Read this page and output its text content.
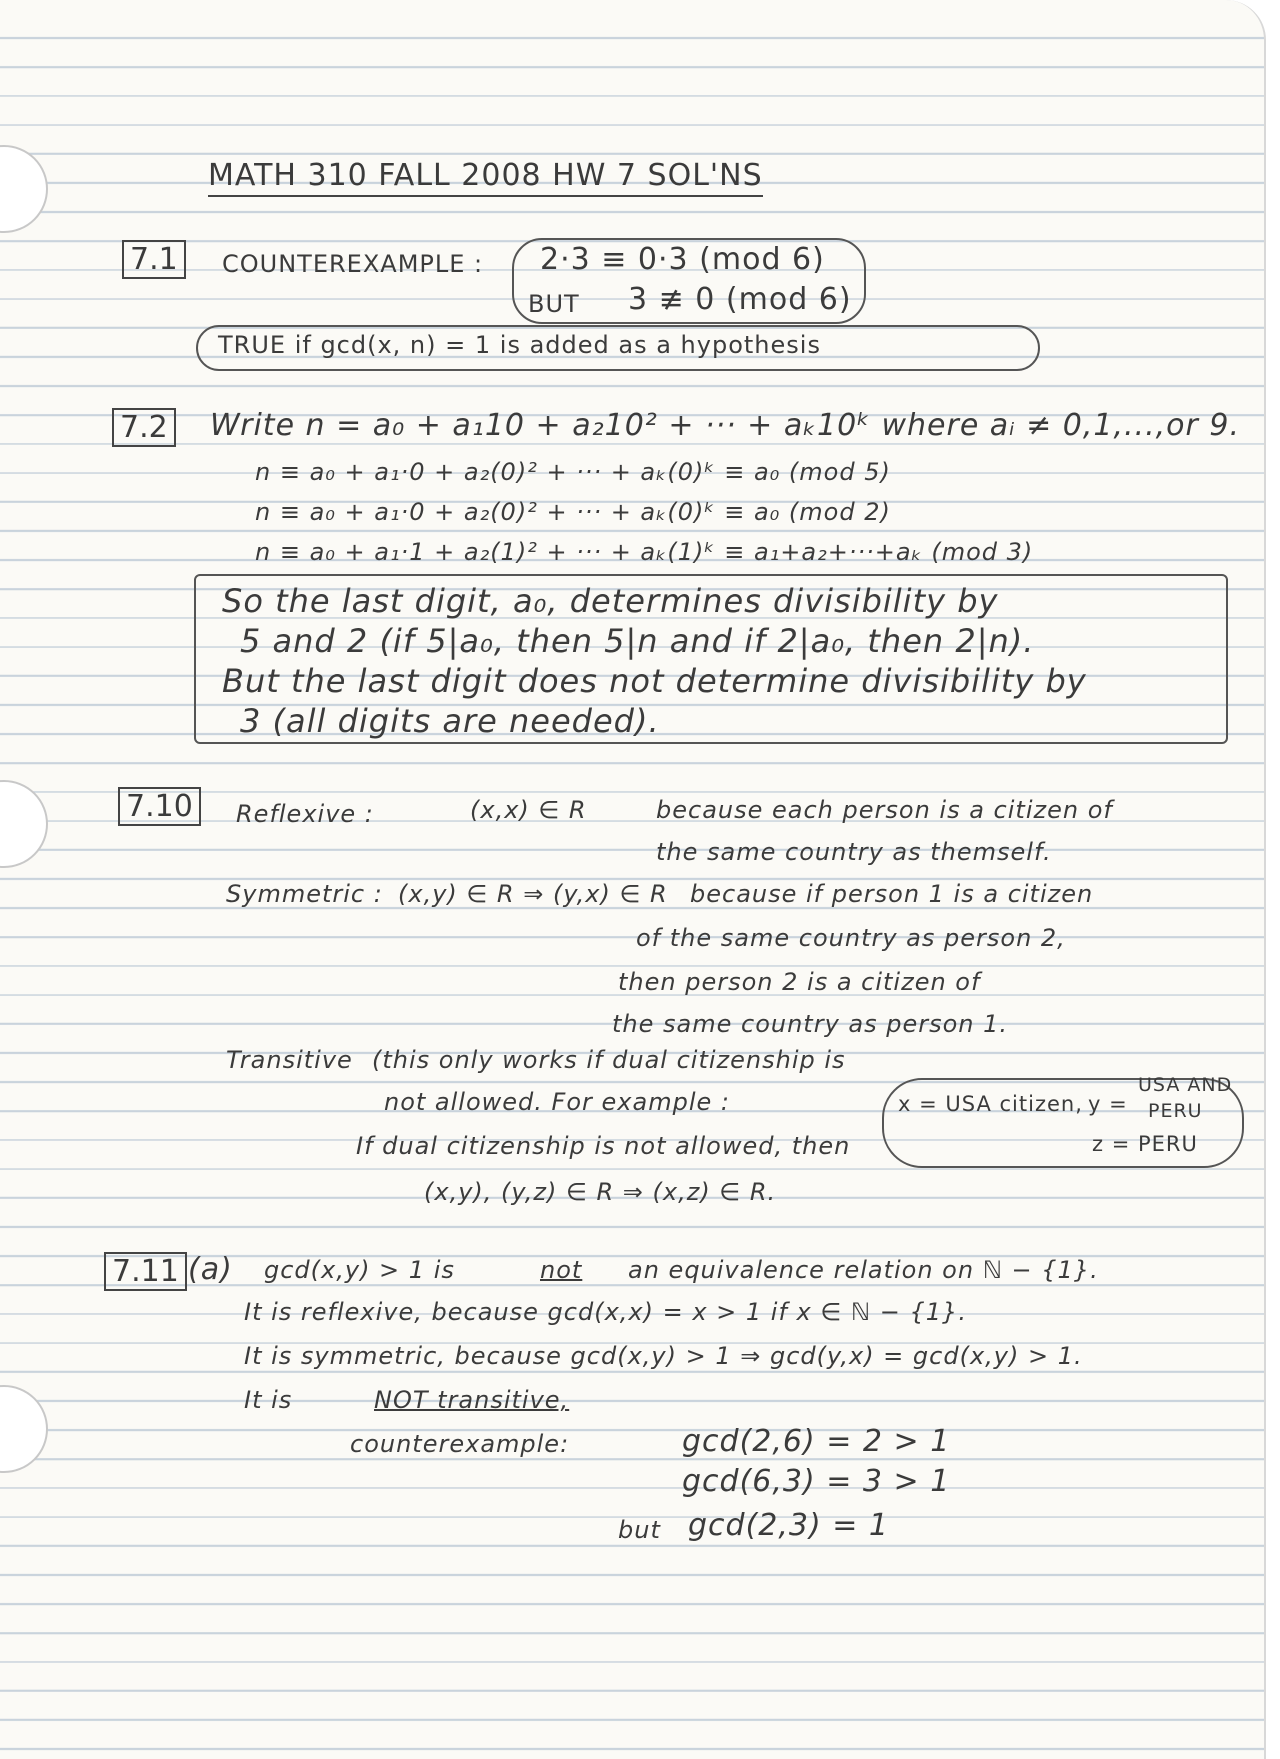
MATH 310 FALL 2008 HW 7 SOL'NS
7.1	COUNTEREXAMPLE : 2·3 ≡ 0·3 (mod 6)
BUT 3 ≢ 0 (mod 6)
TRUE if gcd(x, n) = 1 is added as a hypothesis
7.2 Write n = a₀ + a₁10 + a₂10² + ··· + aₖ10ᵏ where aᵢ ≠ 0,1,...,or 9.
n ≡ a₀ + a₁·0 + a₂(0)² + ··· + aₖ(0)ᵏ ≡ a₀ (mod 5)
n ≡ a₀ + a₁·0 + a₂(0)² + ··· + aₖ(0)ᵏ ≡ a₀ (mod 2)
n ≡ a₀ + a₁·1 + a₂(1)² + ··· + aₖ(1)ᵏ ≡ a₁+a₂+···+aₖ (mod 3)
So the last digit, a₀, determines divisibility by
5 and 2 (if 5|a₀, then 5|n and if 2|a₀, then 2|n).
But the last digit does not determine divisibility by
3 (all digits are needed).
7.10	Reflexive :	(x,x) ∈ R	because each person is a citizen of
the same country as themself.
Symmetric : (x,y) ∈ R ⇒ (y,x) ∈ R because if person 1 is a citizen
of the same country as person 2,
then person 2 is a citizen of
the same country as person 1.
Transitive (this only works if dual citizenship is
not allowed. For example :	x = USA citizen, y =
USA AND
PERU
z = PERU
If dual citizenship is not allowed, then
(x,y), (y,z) ∈ R ⇒ (x,z) ∈ R.
7.11 (a) gcd(x,y) > 1 is	not an equivalence relation on ℕ − {1}.
It is reflexive, because gcd(x,x) = x > 1 if x ∈ ℕ − {1}.
It is symmetric, because gcd(x,y) > 1 ⇒ gcd(y,x) = gcd(x,y) > 1.
It is	NOT transitive,
counterexample:	gcd(2,6) = 2 > 1
gcd(6,3) = 3 > 1
but gcd(2,3) = 1
